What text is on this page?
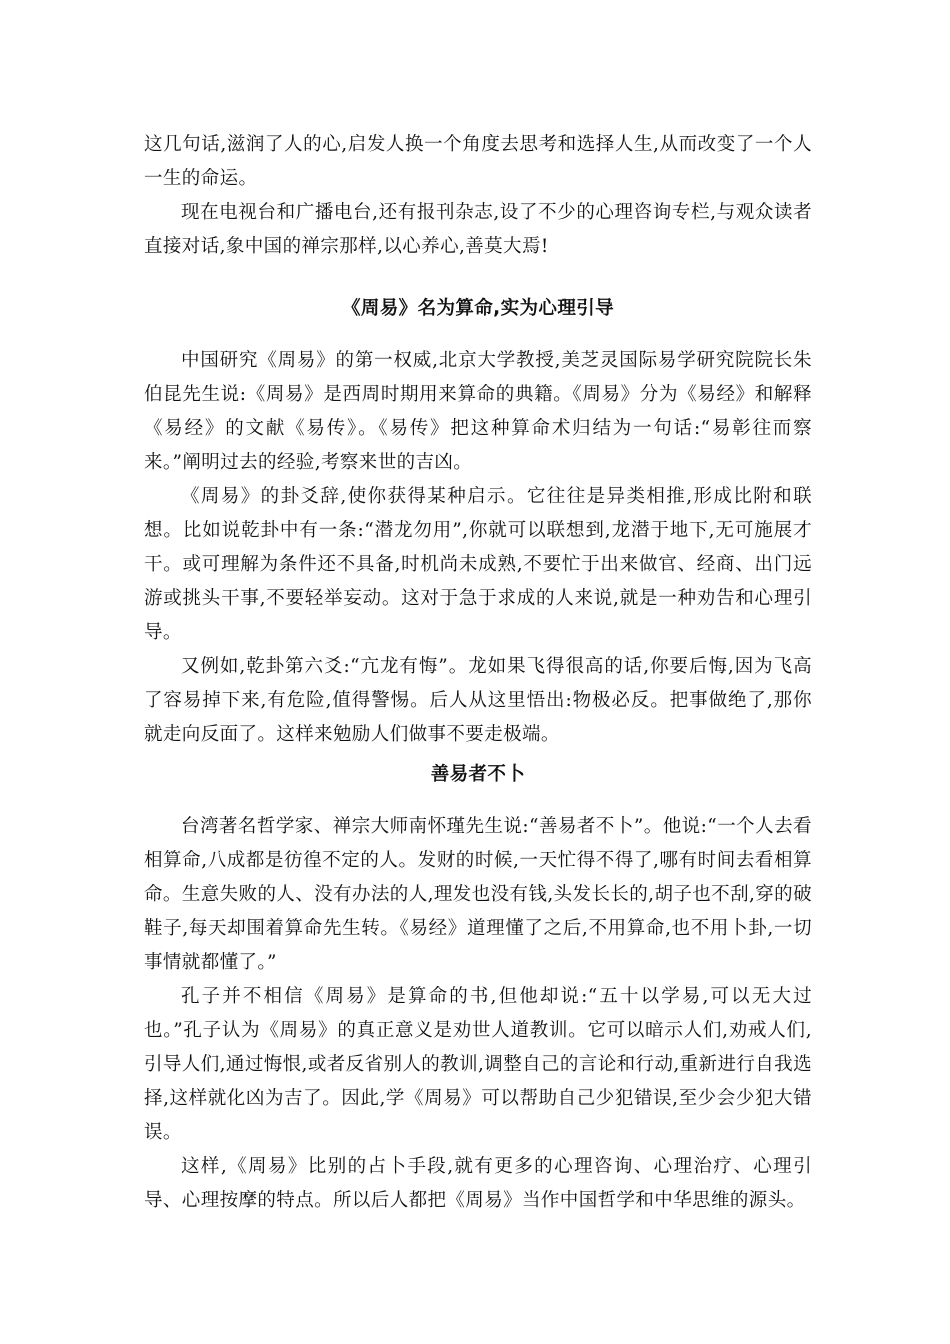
这几句话,滋润了人的心,启发人换一个角度去思考和选择人生,从而改变了一个人一生的命运。

现在电视台和广播电台,还有报刊杂志,设了不少的心理咨询专栏,与观众读者直接对话,象中国的禅宗那样,以心养心,善莫大焉!

《周易》名为算命,实为心理引导

中国研究《周易》的第一权威,北京大学教授,美芝灵国际易学研究院院长朱伯昆先生说:《周易》是西周时期用来算命的典籍。《周易》分为《易经》和解释《易经》的文献《易传》。《易传》把这种算命术归结为一句话:“易彰往而察来。”阐明过去的经验,考察来世的吉凶。

《周易》的卦爻辞,使你获得某种启示。它往往是异类相推,形成比附和联想。比如说乾卦中有一条:“潜龙勿用”,你就可以联想到,龙潜于地下,无可施展才干。或可理解为条件还不具备,时机尚未成熟,不要忙于出来做官、经商、出门远游或挑头干事,不要轻举妄动。这对于急于求成的人来说,就是一种劝告和心理引导。

又例如,乾卦第六爻:“亢龙有悔”。龙如果飞得很高的话,你要后悔,因为飞高了容易掉下来,有危险,值得警惕。后人从这里悟出:物极必反。把事做绝了,那你就走向反面了。这样来勉励人们做事不要走极端。

善易者不卜

台湾著名哲学家、禅宗大师南怀瑾先生说:“善易者不卜”。他说:“一个人去看相算命,八成都是彷徨不定的人。发财的时候,一天忙得不得了,哪有时间去看相算命。生意失败的人、没有办法的人,理发也没有钱,头发长长的,胡子也不刮,穿的破鞋子,每天却围着算命先生转。《易经》道理懂了之后,不用算命,也不用卜卦,一切事情就都懂了。”

孔子并不相信《周易》是算命的书,但他却说:“五十以学易,可以无大过也。”孔子认为《周易》的真正意义是劝世人道教训。它可以暗示人们,劝戒人们,引导人们,通过悔恨,或者反省别人的教训,调整自己的言论和行动,重新进行自我选择,这样就化凶为吉了。因此,学《周易》可以帮助自己少犯错误,至少会少犯大错误。

这样,《周易》比别的占卜手段,就有更多的心理咨询、心理治疗、心理引导、心理按摩的特点。所以后人都把《周易》当作中国哲学和中华思维的源头。
